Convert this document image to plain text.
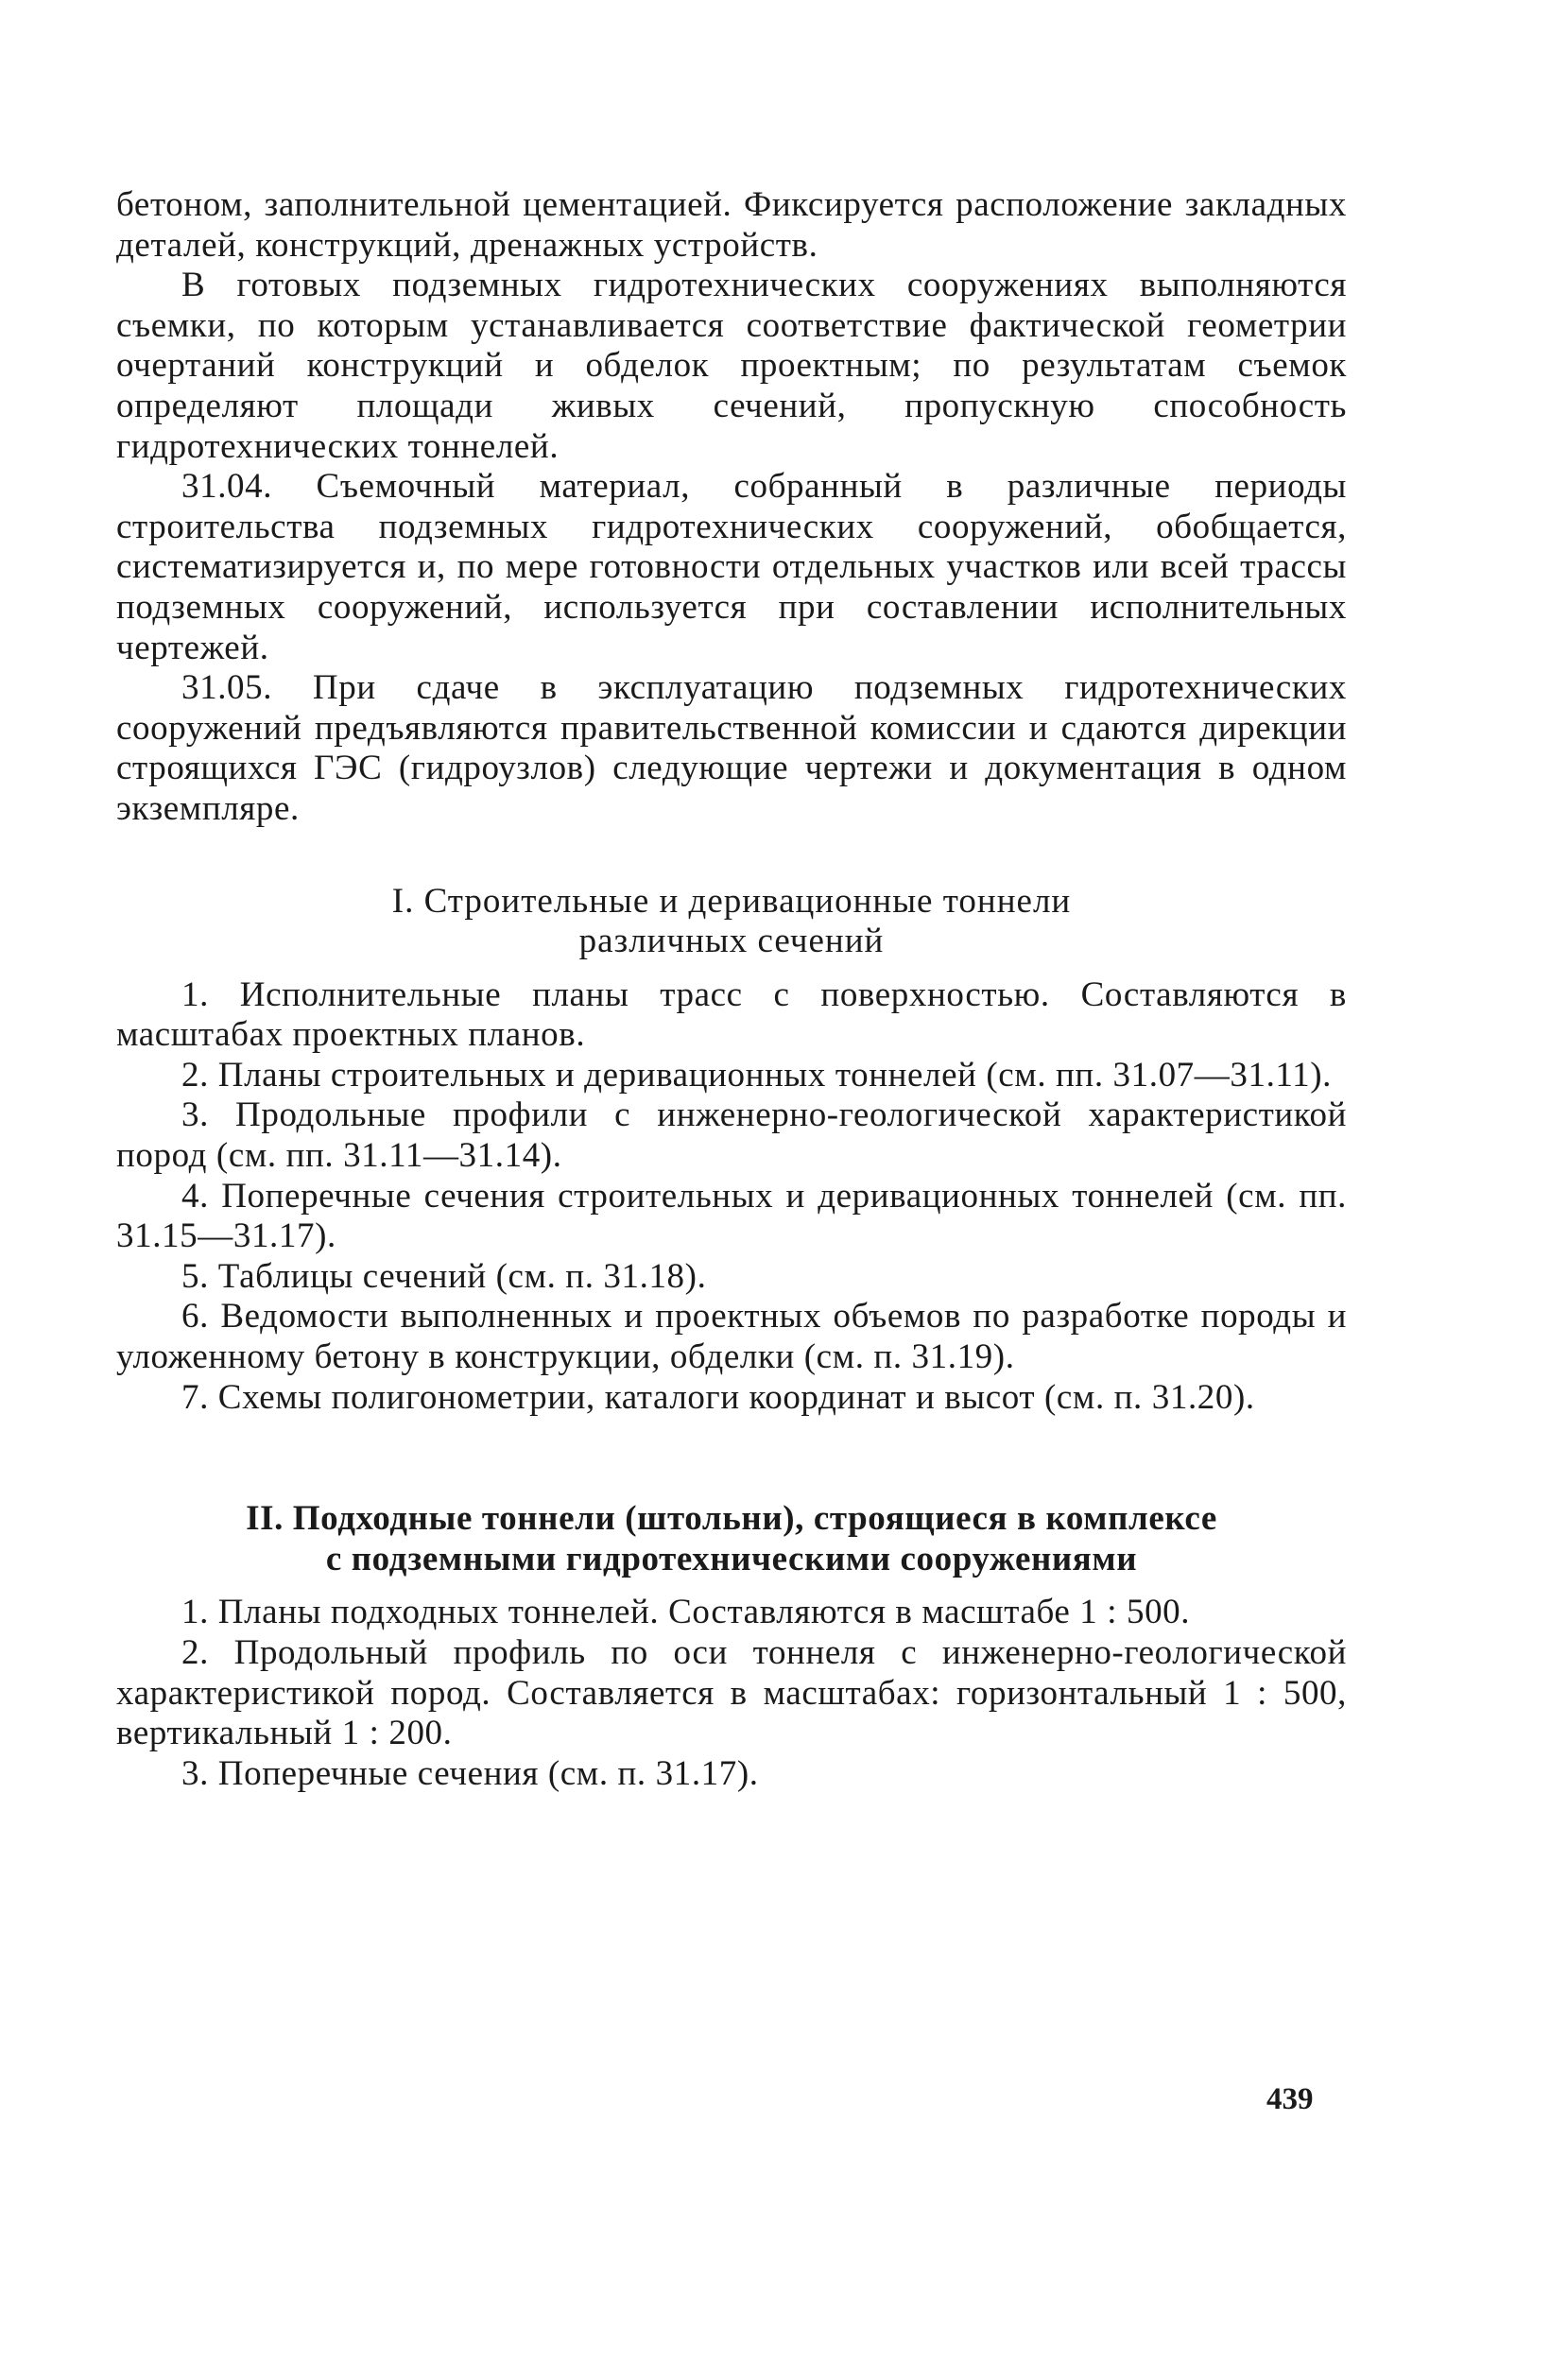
бетоном, заполнительной цементацией. Фиксируется расположение закладных деталей, конструкций, дренажных устройств.

В готовых подземных гидротехнических сооружениях выполняются съемки, по которым устанавливается соответствие фактической геометрии очертаний конструкций и обделок проектным; по результатам съемок определяют площади живых сечений, пропускную способность гидротехнических тоннелей.

31.04. Съемочный материал, собранный в различные периоды строительства подземных гидротехнических сооружений, обобщается, систематизируется и, по мере готовности отдельных участков или всей трассы подземных сооружений, используется при составлении исполнительных чертежей.

31.05. При сдаче в эксплуатацию подземных гидротехнических сооружений предъявляются правительственной комиссии и сдаются дирекции строящихся ГЭС (гидроузлов) следующие чертежи и документация в одном экземпляре.

I. Строительные и деривационные тоннели
различных сечений

1. Исполнительные планы трасс с поверхностью. Составляются в масштабах проектных планов.

2. Планы строительных и деривационных тоннелей (см. пп. 31.07—31.11).

3. Продольные профили с инженерно-геологической характеристикой пород (см. пп. 31.11—31.14).

4. Поперечные сечения строительных и деривационных тоннелей (см. пп. 31.15—31.17).

5. Таблицы сечений (см. п. 31.18).

6. Ведомости выполненных и проектных объемов по разработке породы и уложенному бетону в конструкции, обделки (см. п. 31.19).

7. Схемы полигонометрии, каталоги координат и высот (см. п. 31.20).

II. Подходные тоннели (штольни), строящиеся в комплексе
с подземными гидротехническими сооружениями

1. Планы подходных тоннелей. Составляются в масштабе 1 : 500.

2. Продольный профиль по оси тоннеля с инженерно-геологической характеристикой пород. Составляется в масштабах: горизонтальный 1 : 500, вертикальный 1 : 200.

3. Поперечные сечения (см. п. 31.17).

439
